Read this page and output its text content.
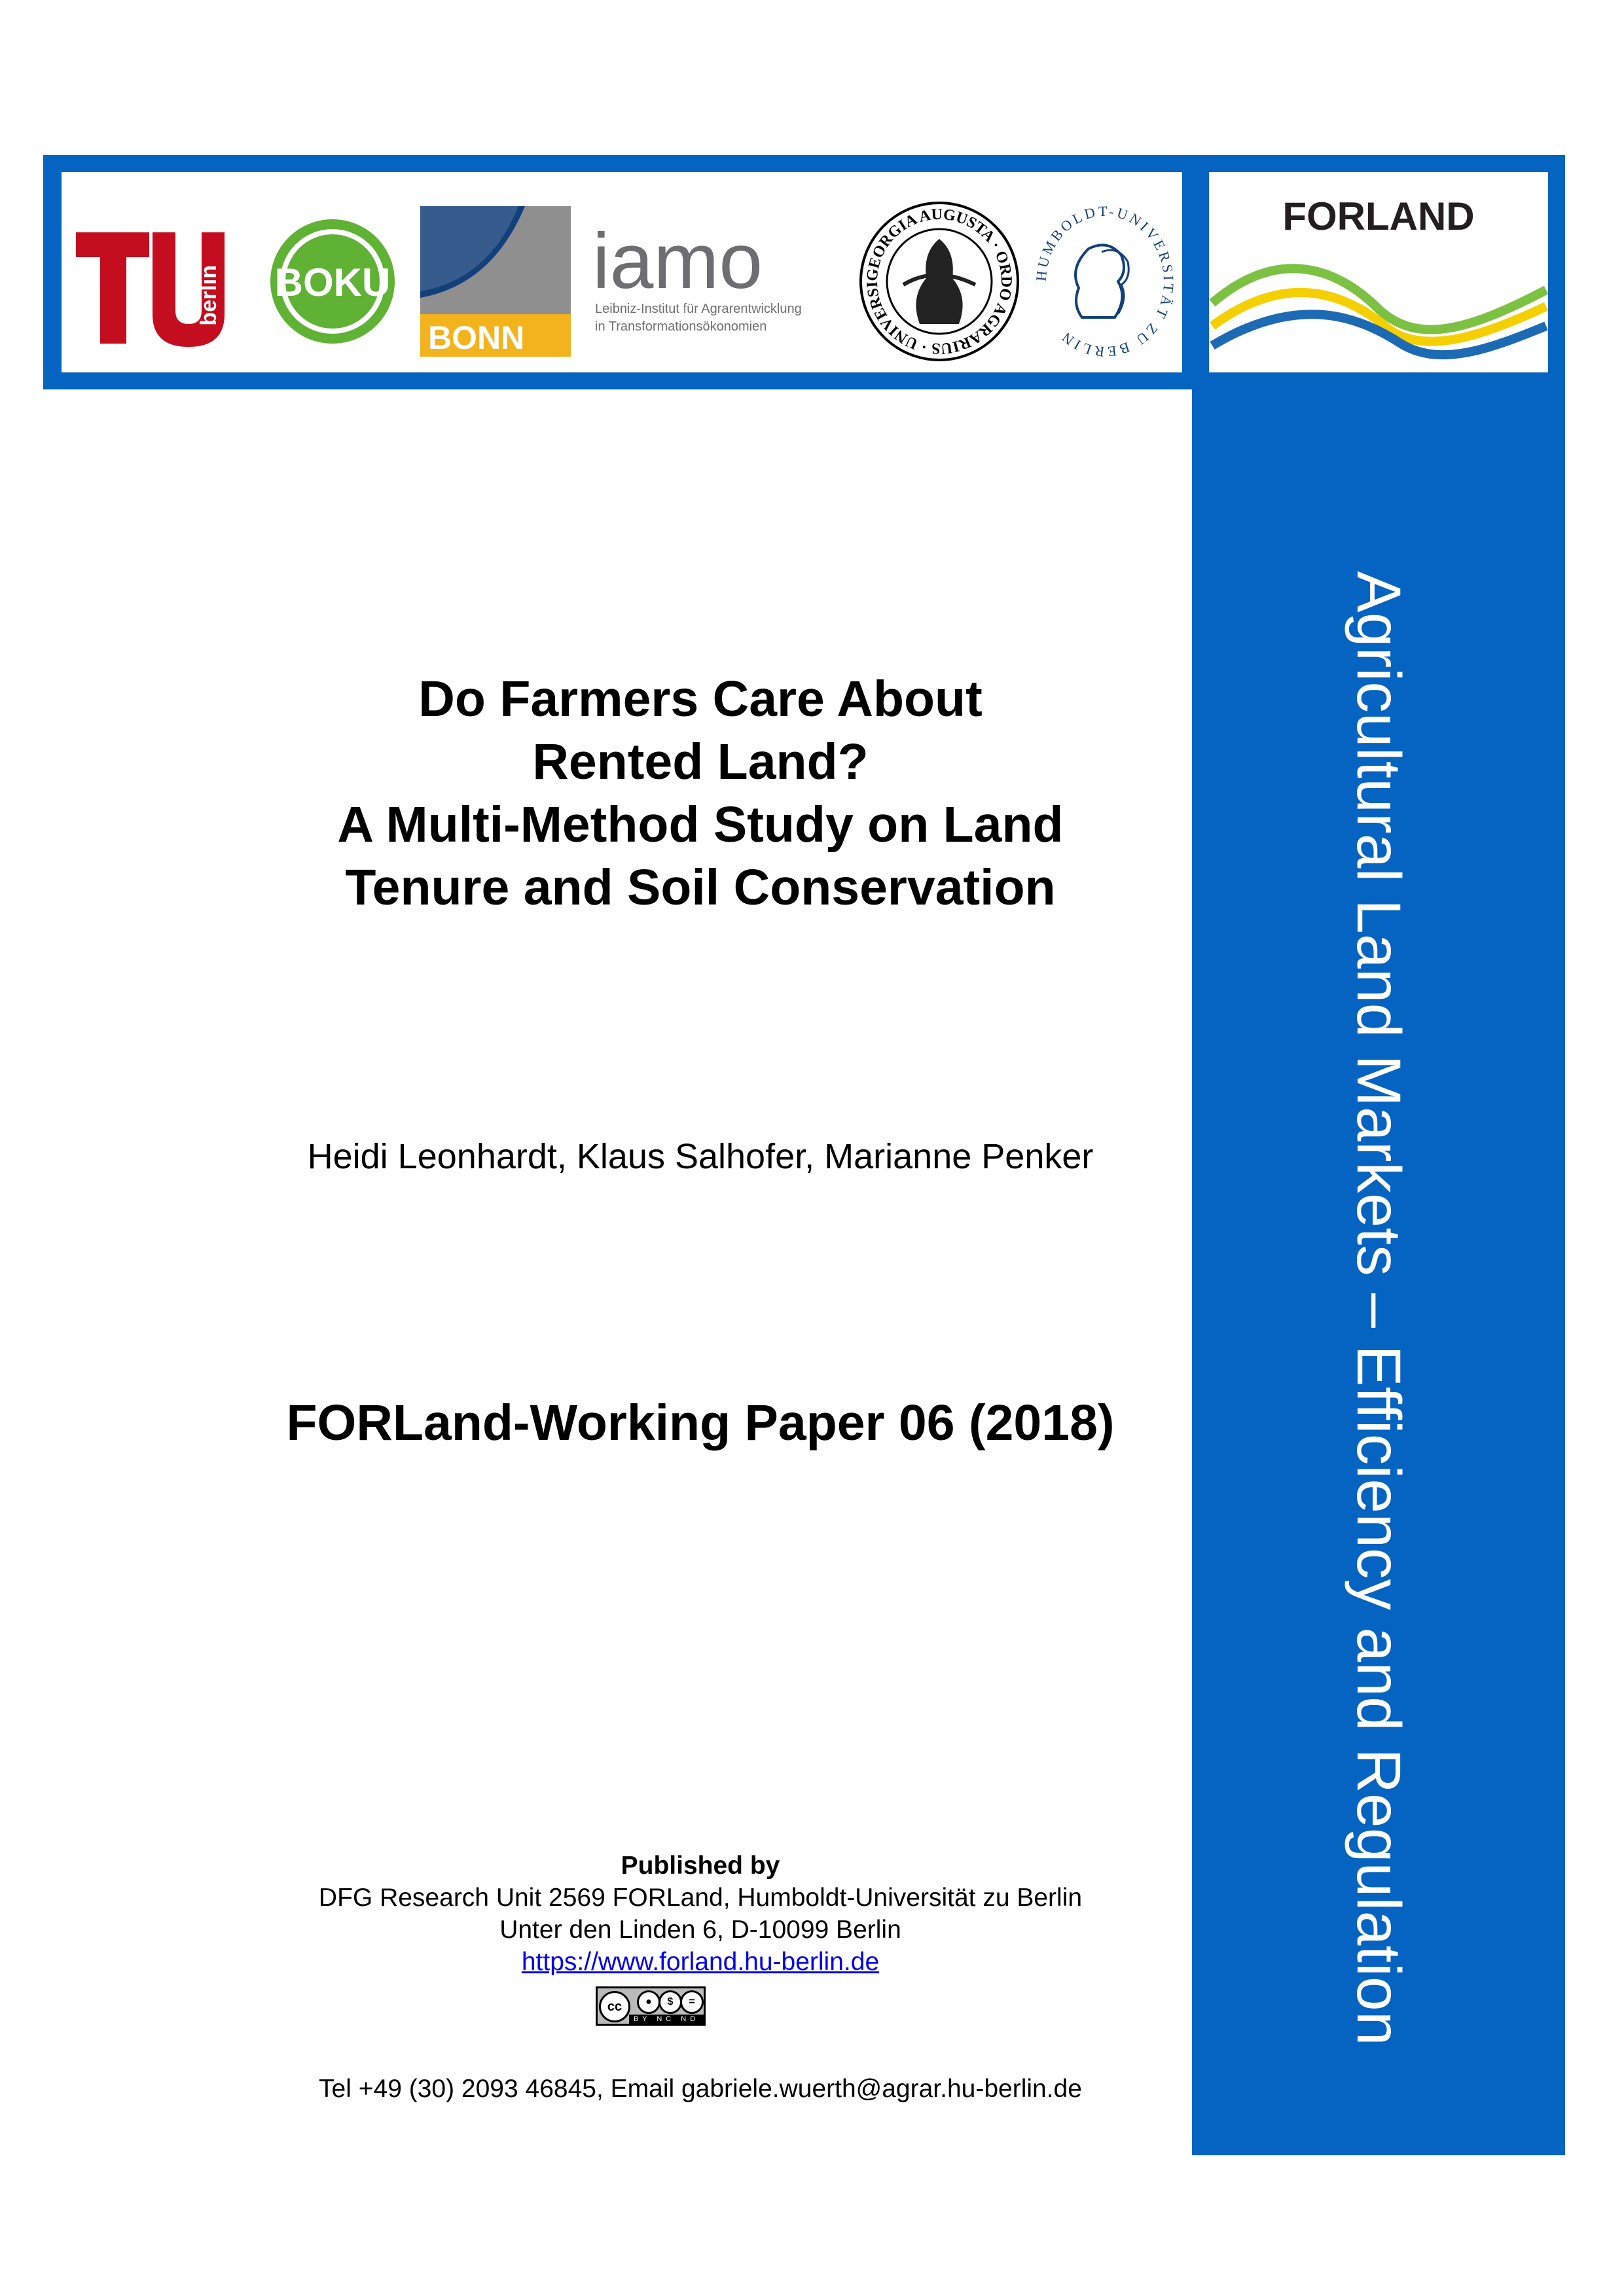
Agricultural Land Markets – Efficiency and Regulation
berlin BOKU
BONN
iamo
Leibniz-Institut für Agrarentwicklung
in Transformationsökonomien
GEORGIA AUGUSTA · ORDO AGRARIUS · UNIVERSI
HUMBOLDT-UNIVERSITÄT ZU BERLIN
FORLAND
Do Farmers Care About
Rented Land?
A Multi-Method Study on Land
Tenure and Soil Conservation
Heidi Leonhardt, Klaus Salhofer, Marianne Penker
FORLand-Working Paper 06 (2018)
Published by
DFG Research Unit 2569 FORLand, Humboldt-Universität zu Berlin
Unter den Linden 6, D-10099 Berlin
https://www.forland.hu-berlin.de
cc	●	$	=
BY NC ND
Tel +49 (30) 2093 46845, Email gabriele.wuerth@agrar.hu-berlin.de
